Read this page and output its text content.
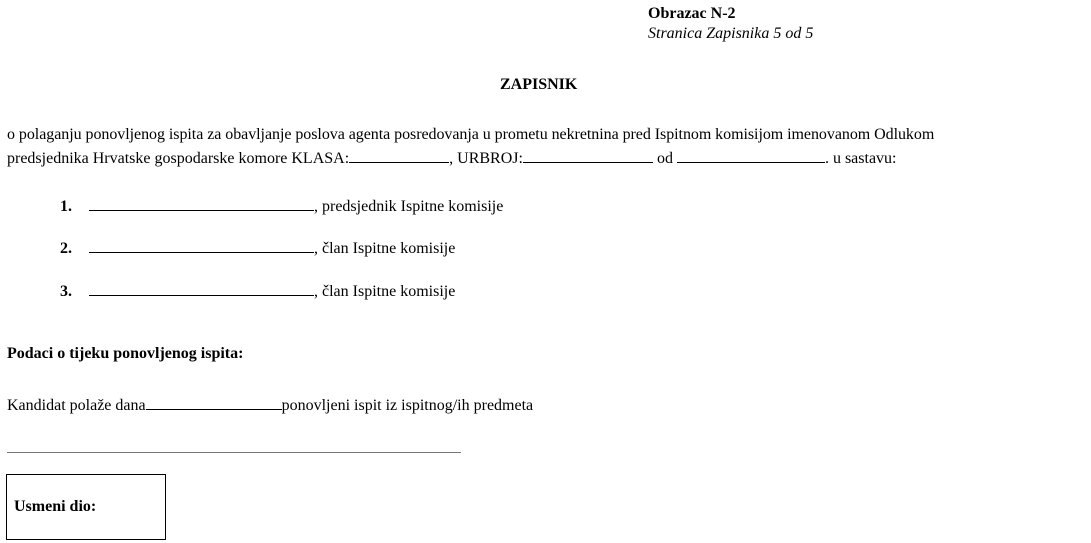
Obrazac N-2
Stranica Zapisnika 5 od 5
ZAPISNIK
o polaganju ponovljenog ispita za obavljanje poslova agenta posredovanja u prometu nekretnina pred Ispitnom komisijom imenovanom Odlukom
predsjednika Hrvatske gospodarske komore KLASA:	, URBROJ:	od	. u sastavu:
1.	, predsjednik Ispitne komisije
2.	, član Ispitne komisije
3.	, član Ispitne komisije
Podaci o tijeku ponovljenog ispita:
Kandidat polaže dana	ponovljeni ispit iz ispitnog/ih predmeta
Usmeni dio:
